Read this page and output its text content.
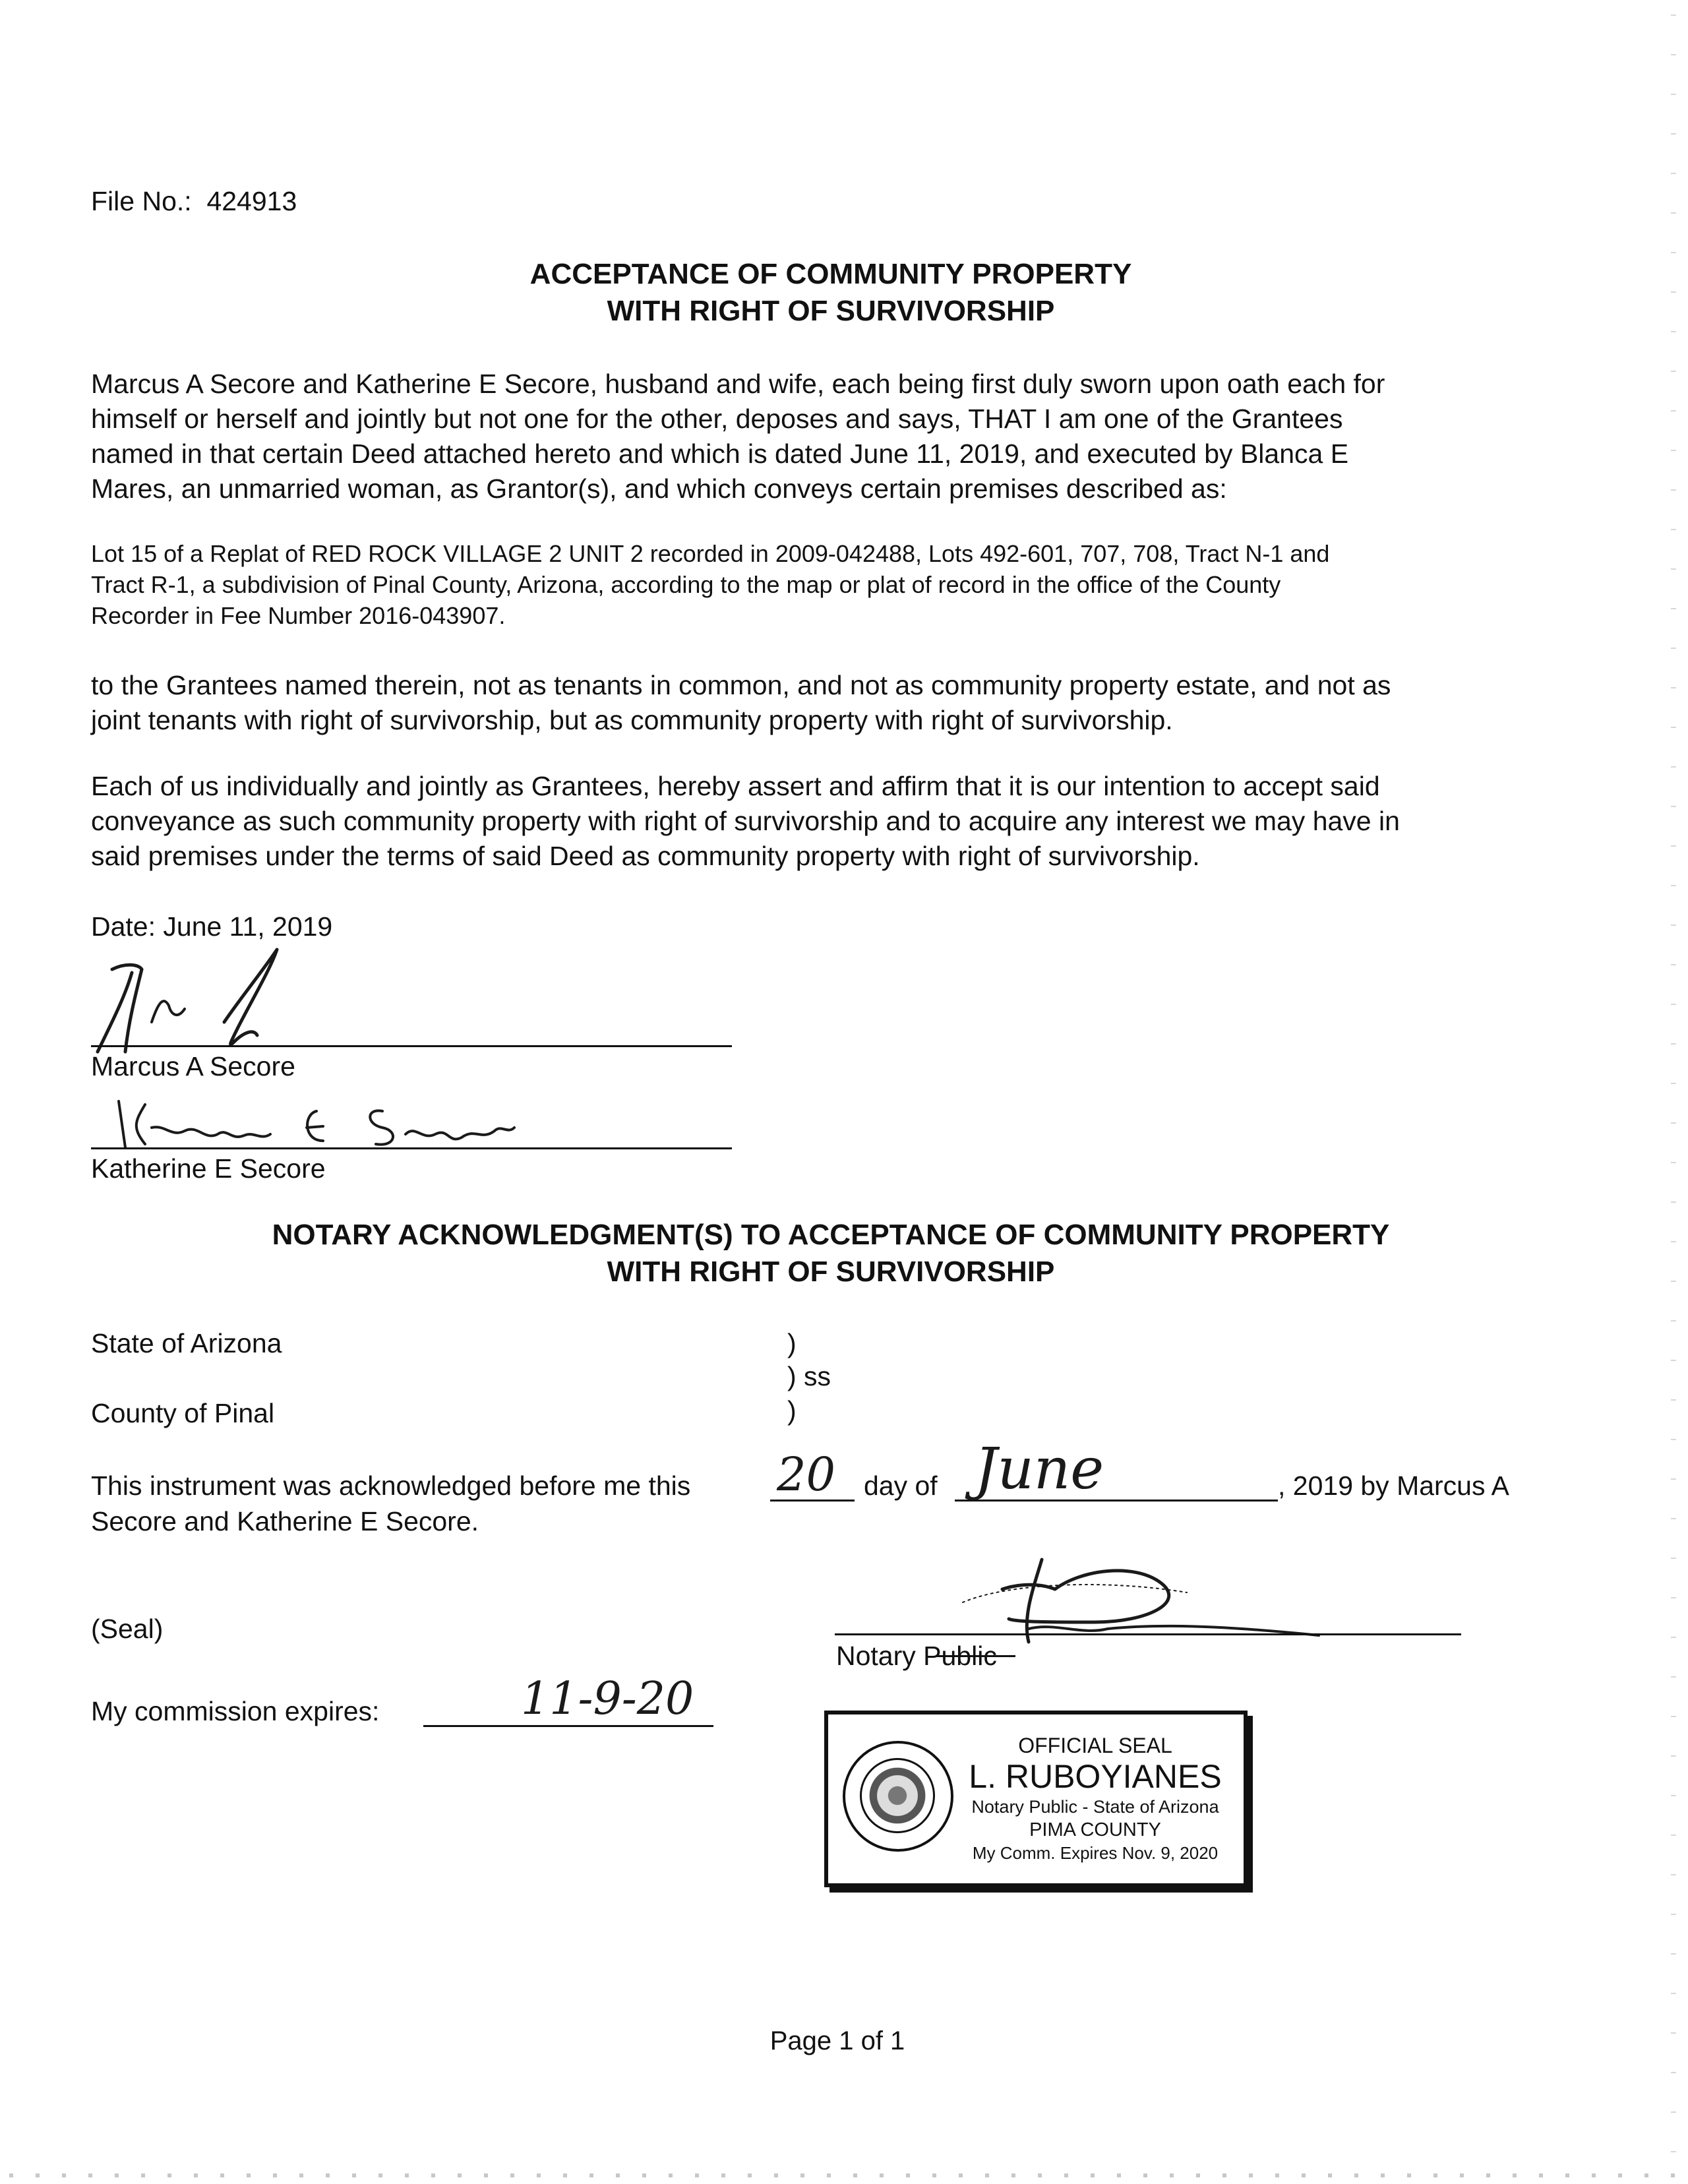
File No.: 424913
ACCEPTANCE OF COMMUNITY PROPERTY
WITH RIGHT OF SURVIVORSHIP
Marcus A Secore and Katherine E Secore, husband and wife, each being first duly sworn upon oath each for
himself or herself and jointly but not one for the other, deposes and says, THAT I am one of the Grantees
named in that certain Deed attached hereto and which is dated June 11, 2019, and executed by Blanca E
Mares, an unmarried woman, as Grantor(s), and which conveys certain premises described as:
Lot 15 of a Replat of RED ROCK VILLAGE 2 UNIT 2 recorded in 2009-042488, Lots 492-601, 707, 708, Tract N-1 and
Tract R-1, a subdivision of Pinal County, Arizona, according to the map or plat of record in the office of the County
Recorder in Fee Number 2016-043907.
to the Grantees named therein, not as tenants in common, and not as community property estate, and not as
joint tenants with right of survivorship, but as community property with right of survivorship.
Each of us individually and jointly as Grantees, hereby assert and affirm that it is our intention to accept said
conveyance as such community property with right of survivorship and to acquire any interest we may have in
said premises under the terms of said Deed as community property with right of survivorship.
Date: June 11, 2019
Marcus A Secore
Katherine E Secore
NOTARY ACKNOWLEDGMENT(S) TO ACCEPTANCE OF COMMUNITY PROPERTY
WITH RIGHT OF SURVIVORSHIP
State of Arizona	)
) ss
)
County of Pinal
This instrument was acknowledged before me this 20 day of June	, 2019 by Marcus A
Secore and Katherine E Secore.
(Seal)
Notary Public
My commission expires:	11-9-20
OFFICIAL SEAL
L. RUBOYIANES
Notary Public - State of Arizona
PIMA COUNTY
My Comm. Expires Nov. 9, 2020
Page 1 of 1
